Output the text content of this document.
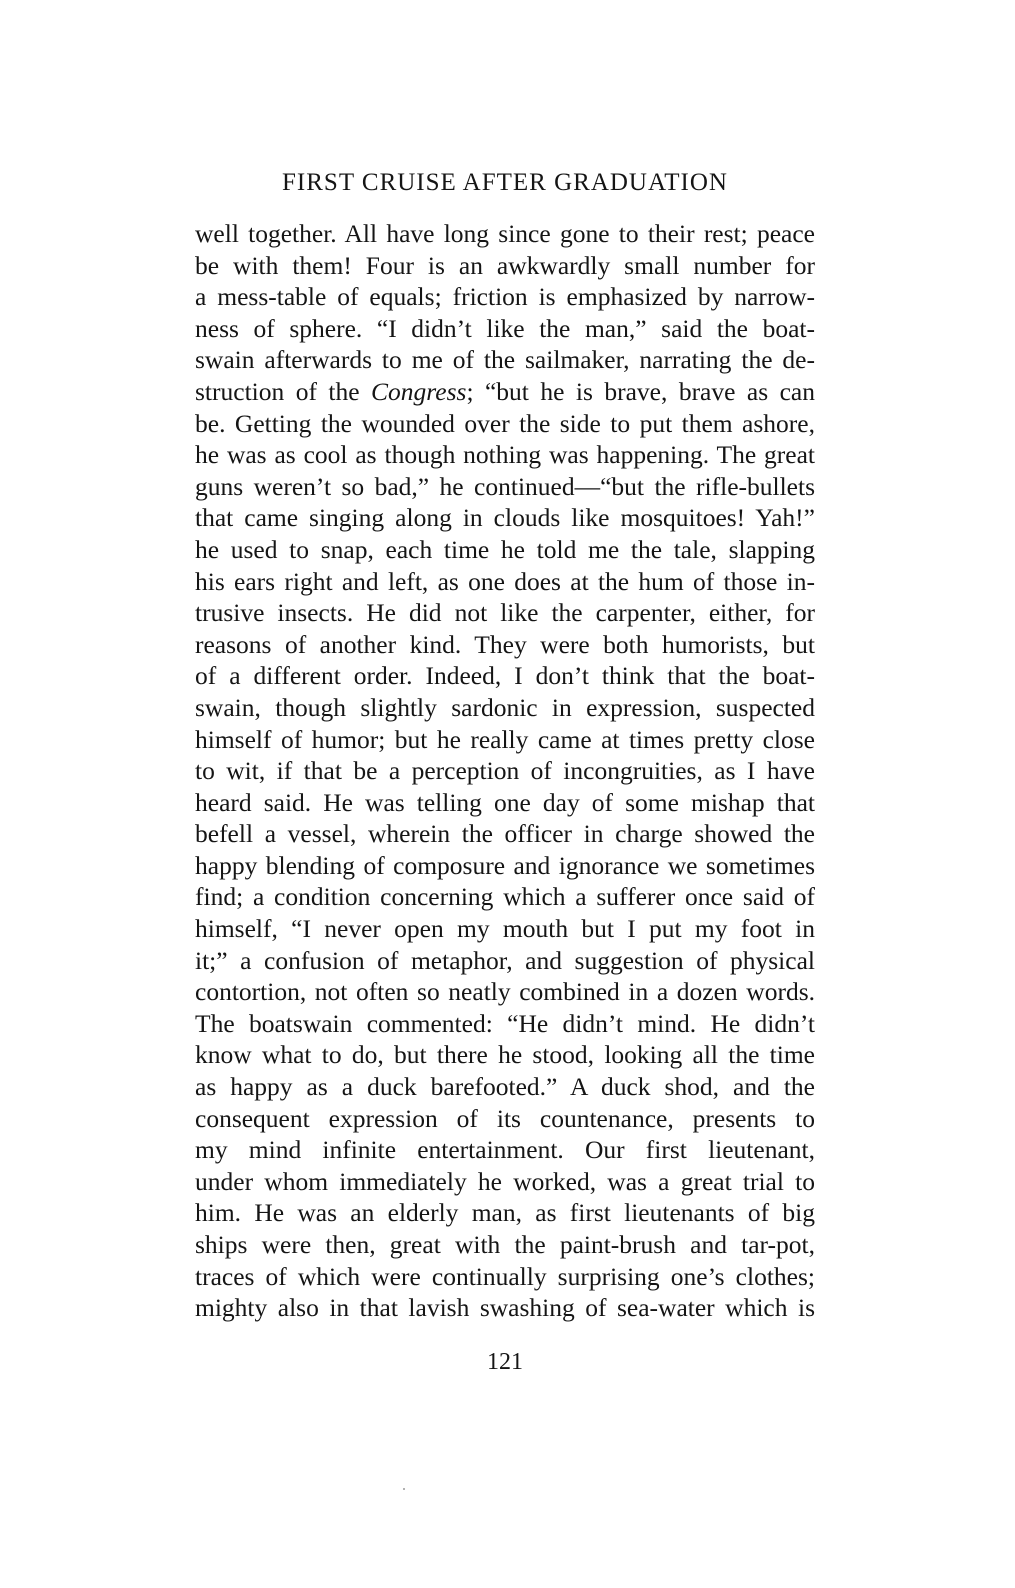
FIRST CRUISE AFTER GRADUATION
well together. All have long since gone to their rest; peace
be with them! Four is an awkwardly small number for
a mess-table of equals; friction is emphasized by narrow-
ness of sphere. “I didn’t like the man,” said the boat-
swain afterwards to me of the sailmaker, narrating the de-
struction of the Congress; “but he is brave, brave as can
be. Getting the wounded over the side to put them ashore,
he was as cool as though nothing was happening. The great
guns weren’t so bad,” he continued—“but the rifle-bullets
that came singing along in clouds like mosquitoes! Yah!”
he used to snap, each time he told me the tale, slapping
his ears right and left, as one does at the hum of those in-
trusive insects. He did not like the carpenter, either, for
reasons of another kind. They were both humorists, but
of a different order. Indeed, I don’t think that the boat-
swain, though slightly sardonic in expression, suspected
himself of humor; but he really came at times pretty close
to wit, if that be a perception of incongruities, as I have
heard said. He was telling one day of some mishap that
befell a vessel, wherein the officer in charge showed the
happy blending of composure and ignorance we sometimes
find; a condition concerning which a sufferer once said of
himself, “I never open my mouth but I put my foot in
it;” a confusion of metaphor, and suggestion of physical
contortion, not often so neatly combined in a dozen words.
The boatswain commented: “He didn’t mind. He didn’t
know what to do, but there he stood, looking all the time
as happy as a duck barefooted.” A duck shod, and the
consequent expression of its countenance, presents to
my mind infinite entertainment. Our first lieutenant,
under whom immediately he worked, was a great trial to
him. He was an elderly man, as first lieutenants of big
ships were then, great with the paint-brush and tar-pot,
traces of which were continually surprising one’s clothes;
mighty also in that lavish swashing of sea-water which is
121
